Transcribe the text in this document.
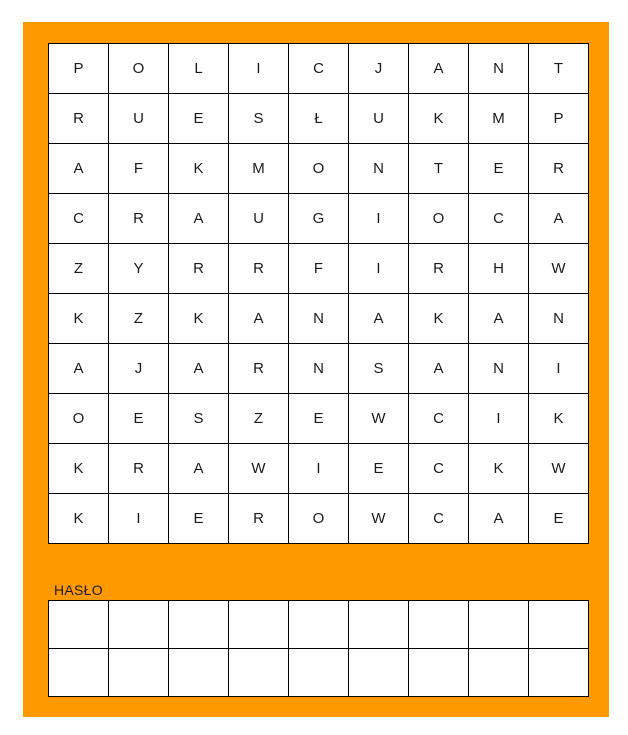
P	O	L	I	C	J	A	N	T
R	U	E	S	Ł	U	K	M	P
A	F	K	M	O	N	T	E	R
C	R	A	U	G	I	O	C	A
Z	Y	R	R	F	I	R	H	W
K	Z	K	A	N	A	K	A	N
A	J	A	R	N	S	A	N	I
O	E	S	Z	E	W	C	I	K
K	R	A	W	I	E	C	K	W
K	I	E	R	O	W	C	A	E
HASŁO
